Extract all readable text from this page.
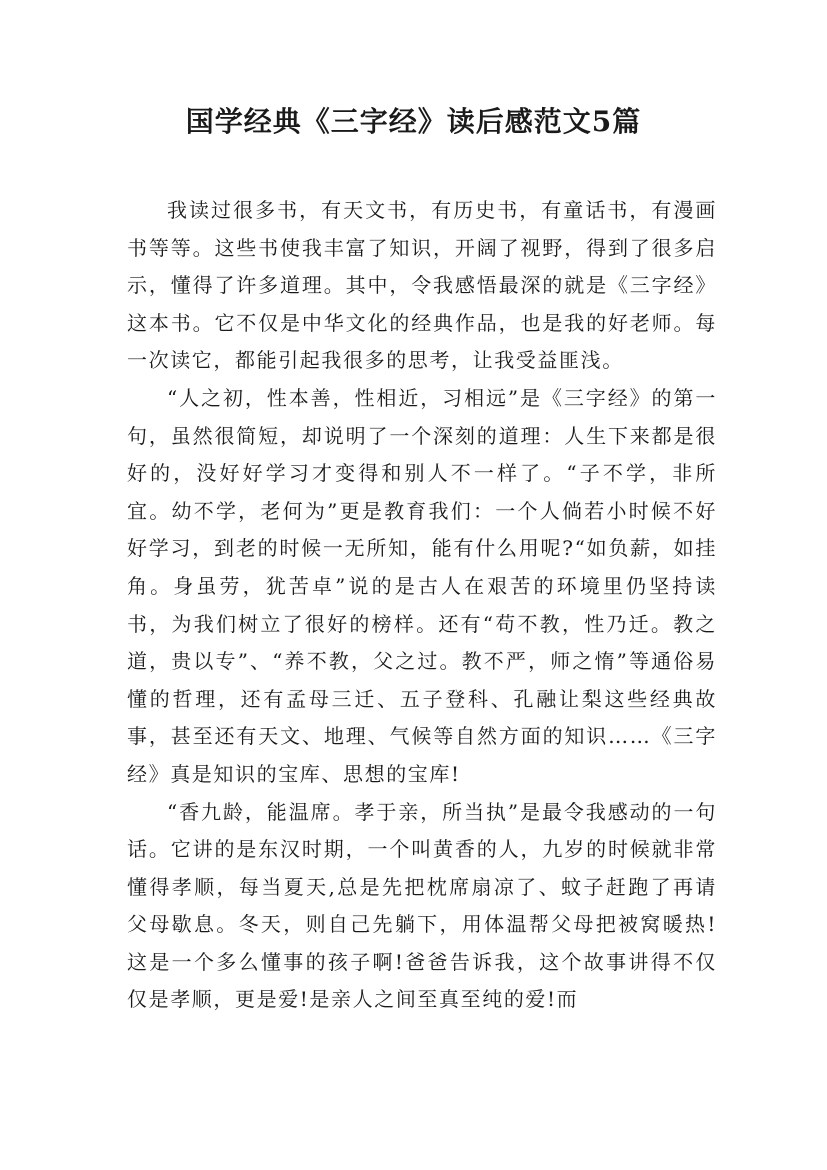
国学经典《三字经》读后感范文5篇

我读过很多书，有天文书，有历史书，有童话书，有漫画书等等。这些书使我丰富了知识，开阔了视野，得到了很多启示，懂得了许多道理。其中，令我感悟最深的就是《三字经》这本书。它不仅是中华文化的经典作品，也是我的好老师。每一次读它，都能引起我很多的思考，让我受益匪浅。

“人之初，性本善，性相近，习相远”是《三字经》的第一句，虽然很简短，却说明了一个深刻的道理：人生下来都是很好的，没好好学习才变得和别人不一样了。“子不学，非所宜。幼不学，老何为”更是教育我们：一个人倘若小时候不好好学习，到老的时候一无所知，能有什么用呢?“如负薪，如挂角。身虽劳，犹苦卓”说的是古人在艰苦的环境里仍坚持读书，为我们树立了很好的榜样。还有“苟不教，性乃迁。教之道，贵以专”、“养不教，父之过。教不严，师之惰”等通俗易懂的哲理，还有孟母三迁、五子登科、孔融让梨这些经典故事，甚至还有天文、地理、气候等自然方面的知识……《三字经》真是知识的宝库、思想的宝库!

“香九龄，能温席。孝于亲，所当执”是最令我感动的一句话。它讲的是东汉时期，一个叫黄香的人，九岁的时候就非常懂得孝顺，每当夏天,总是先把枕席扇凉了、蚊子赶跑了再请父母歇息。冬天，则自己先躺下，用体温帮父母把被窝暖热!这是一个多么懂事的孩子啊!爸爸告诉我，这个故事讲得不仅仅是孝顺，更是爱!是亲人之间至真至纯的爱!而
